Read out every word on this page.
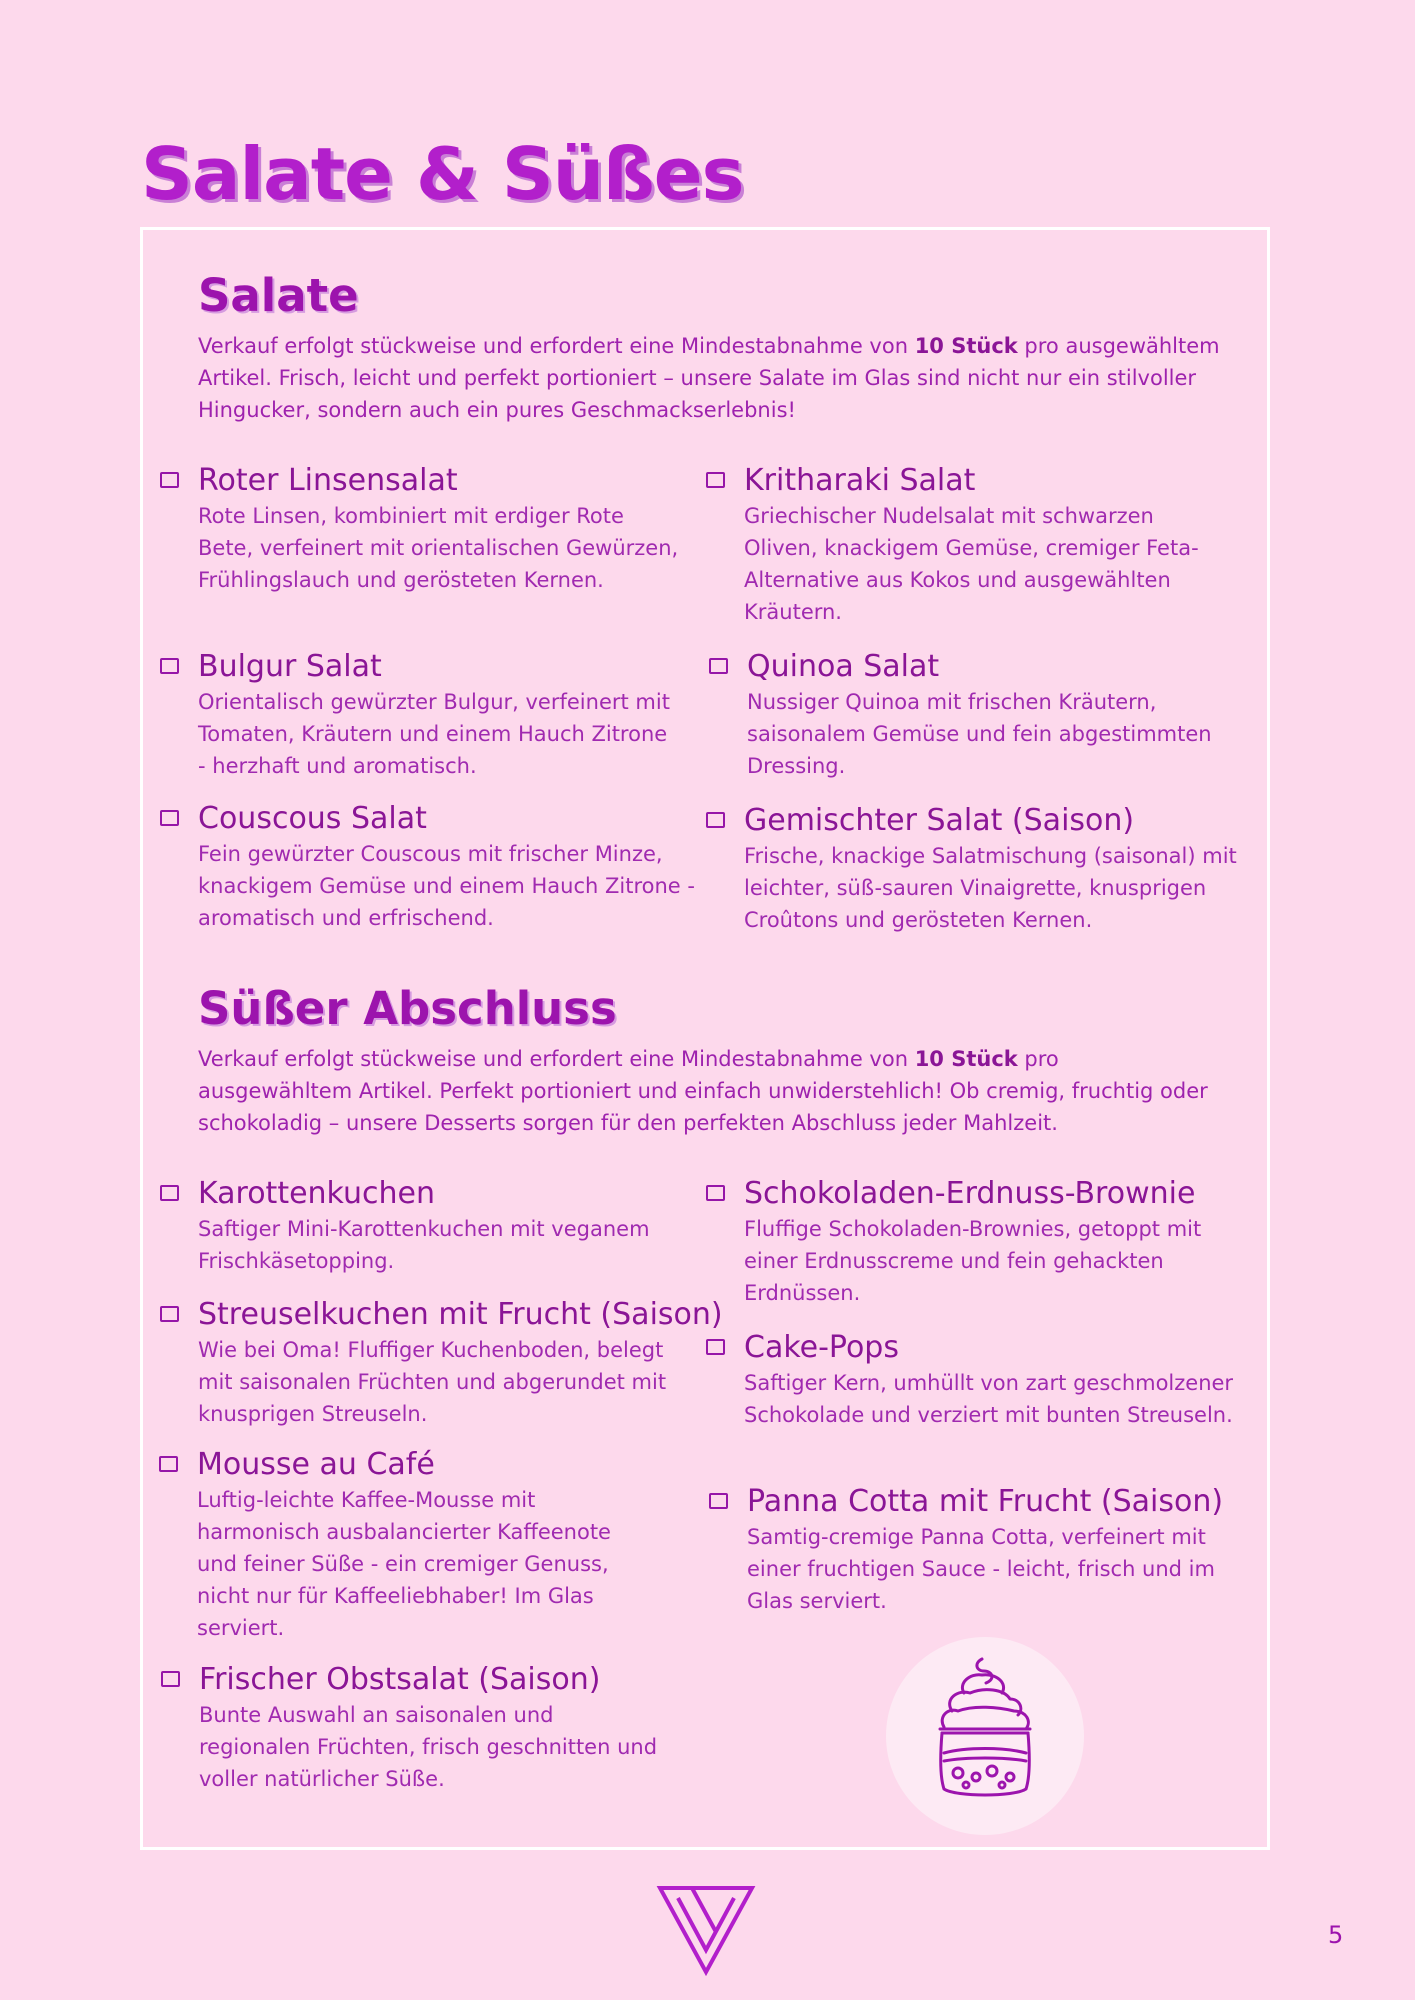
Salate & Süßes
Salate

Verkauf erfolgt stückweise und erfordert eine Mindestabnahme von 10 Stück pro ausgewähltem Artikel. Frisch, leicht und perfekt portioniert – unsere Salate im Glas sind nicht nur ein stilvoller Hingucker, sondern auch ein pures Geschmackserlebnis!

Roter Linsensalat

Rote Linsen, kombiniert mit erdiger Rote Bete, verfeinert mit orientalischen Gewürzen, Frühlingslauch und gerösteten Kernen.

Kritharaki Salat

Griechischer Nudelsalat mit schwarzen Oliven, knackigem Gemüse, cremiger Feta-Alternative aus Kokos und ausgewählten Kräutern.

Bulgur Salat

Orientalisch gewürzter Bulgur, verfeinert mit Tomaten, Kräutern und einem Hauch Zitrone - herzhaft und aromatisch.

Quinoa Salat

Nussiger Quinoa mit frischen Kräutern, saisonalem Gemüse und fein abgestimmten Dressing.

Couscous Salat

Fein gewürzter Couscous mit frischer Minze, knackigem Gemüse und einem Hauch Zitrone - aromatisch und erfrischend.

Gemischter Salat (Saison)

Frische, knackige Salatmischung (saisonal) mit leichter, süß-sauren Vinaigrette, knusprigen Croûtons und gerösteten Kernen.

Süßer Abschluss

Verkauf erfolgt stückweise und erfordert eine Mindestabnahme von 10 Stück pro ausgewähltem Artikel. Perfekt portioniert und einfach unwiderstehlich! Ob cremig, fruchtig oder schokoladig – unsere Desserts sorgen für den perfekten Abschluss jeder Mahlzeit.

Karottenkuchen

Saftiger Mini-Karottenkuchen mit veganem Frischkäsetopping.

Schokoladen-Erdnuss-Brownie

Fluffige Schokoladen-Brownies, getoppt mit einer Erdnusscreme und fein gehackten Erdnüssen.

Streuselkuchen mit Frucht (Saison)

Wie bei Oma! Fluffiger Kuchenboden, belegt mit saisonalen Früchten und abgerundet mit knusprigen Streuseln.

Cake-Pops

Saftiger Kern, umhüllt von zart geschmolzener Schokolade und verziert mit bunten Streuseln.

Mousse au Café

Luftig-leichte Kaffee-Mousse mit harmonisch ausbalancierter Kaffeenote und feiner Süße - ein cremiger Genuss, nicht nur für Kaffeeliebhaber! Im Glas serviert.

Panna Cotta mit Frucht (Saison)

Samtig-cremige Panna Cotta, verfeinert mit einer fruchtigen Sauce - leicht, frisch und im Glas serviert.

Frischer Obstsalat (Saison)

Bunte Auswahl an saisonalen und regionalen Früchten, frisch geschnitten und voller natürlicher Süße.

5
